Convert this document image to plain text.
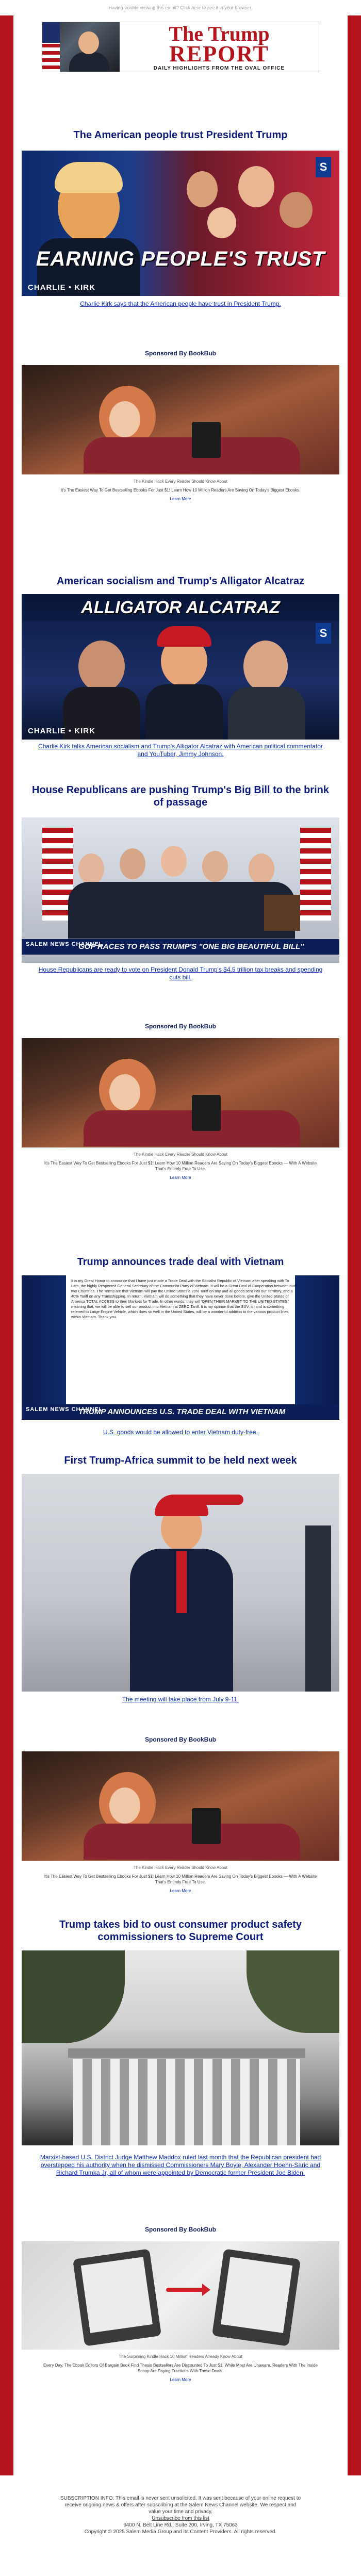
Having trouble viewing this email? Click here to see it in your browser.
The Trump
REPORT
DAILY HIGHLIGHTS FROM THE OVAL OFFICE
The American people trust President Trump
S
EARNING PEOPLE'S TRUST
CHARLIE • KIRK
Charlie Kirk says that the American people have trust in President Trump.
Sponsored By BookBub
The Kindle Hack Every Reader Should Know About
It's The Easiest Way To Get Bestselling Ebooks For Just $1! Learn How 10 Million Readers Are Saving On Today's Biggest Ebooks.
Learn More
American socialism and Trump's Alligator Alcatraz
ALLIGATOR ALCATRAZ
S
CHARLIE • KIRK
Charlie Kirk talks American socialism and Trump's Alligator Alcatraz with American political commentator and YouTuber, Jimmy Johnson.
House Republicans are pushing Trump's Big Bill to the brink of passage
GOP RACES TO PASS TRUMP'S "ONE BIG BEAUTIFUL BILL"
SALEM NEWS CHANNEL
House Republicans are ready to vote on President Donald Trump's $4.5 trillion tax breaks and spending cuts bill.
Sponsored By BookBub
The Kindle Hack Every Reader Should Know About
It's The Easiest Way To Get Bestselling Ebooks For Just $1! Learn How 10 Million Readers Are Saving On Today's Biggest Ebooks — With A Website That's Entirely Free To Use.
Learn More
Trump announces trade deal with Vietnam
It is my Great Honor to announce that I have just made a Trade Deal with the Socialist Republic of Vietnam after speaking with To Lam, the highly Respected General Secretary of the Communist Party of Vietnam. It will be a Great Deal of Cooperation between our two Countries. The Terms are that Vietnam will pay the United States a 20% Tariff on any and all goods sent into our Territory, and a 40% Tariff on any Transshipping. In return, Vietnam will do something that they have never done before, give the United States of America TOTAL ACCESS to their Markets for Trade. In other words, they will 'OPEN THEIR MARKET TO THE UNITED STATES,' meaning that, we will be able to sell our product into Vietnam at ZERO Tariff. It is my opinion that the SUV, is, and is something referred to Large Engine Vehicle, which does so well in the United States, will be a wonderful addition to the various product lines within Vietnam. Thank you.
TRUMP ANNOUNCES U.S. TRADE DEAL WITH VIETNAM
SALEM NEWS CHANNEL
U.S. goods would be allowed to enter Vietnam duty-free.
First Trump-Africa summit to be held next week
The meeting will take place from July 9-11.
Sponsored By BookBub
The Kindle Hack Every Reader Should Know About
It's The Easiest Way To Get Bestselling Ebooks For Just $1! Learn How 10 Million Readers Are Saving On Today's Biggest Ebooks — With A Website That's Entirely Free To Use.
Learn More
Trump takes bid to oust consumer product safety commissioners to Supreme Court
Marxist-based U.S. District Judge Matthew Maddox ruled last month that the Republican president had overstepped his authority when he dismissed Commissioners Mary Boyle, Alexander Hoehn-Saric and Richard Trumka Jr, all of whom were appointed by Democratic former President Joe Biden.
Sponsored By BookBub
The Surprising Kindle Hack 10 Million Readers Already Know About
Every Day, The Ebook Editors Of Bargain Book Find Thesis Bestsellers Are Discounted To Just $1. While Most Are Unaware, Readers With The Inside Scoop Are Paying Fractions With These Deals.
Learn More
SUBSCRIPTION INFO: This email is never sent unsolicited. It was sent because of your online request to
receive ongoing news & offers after subscribing at the Salem News Channel website. We respect and
value your time and privacy.
Unsubscribe from this list
6400 N. Belt Line Rd., Suite 200, Irving, TX 75063
Copyright © 2025 Salem Media Group and its Content Providers. All rights reserved.
